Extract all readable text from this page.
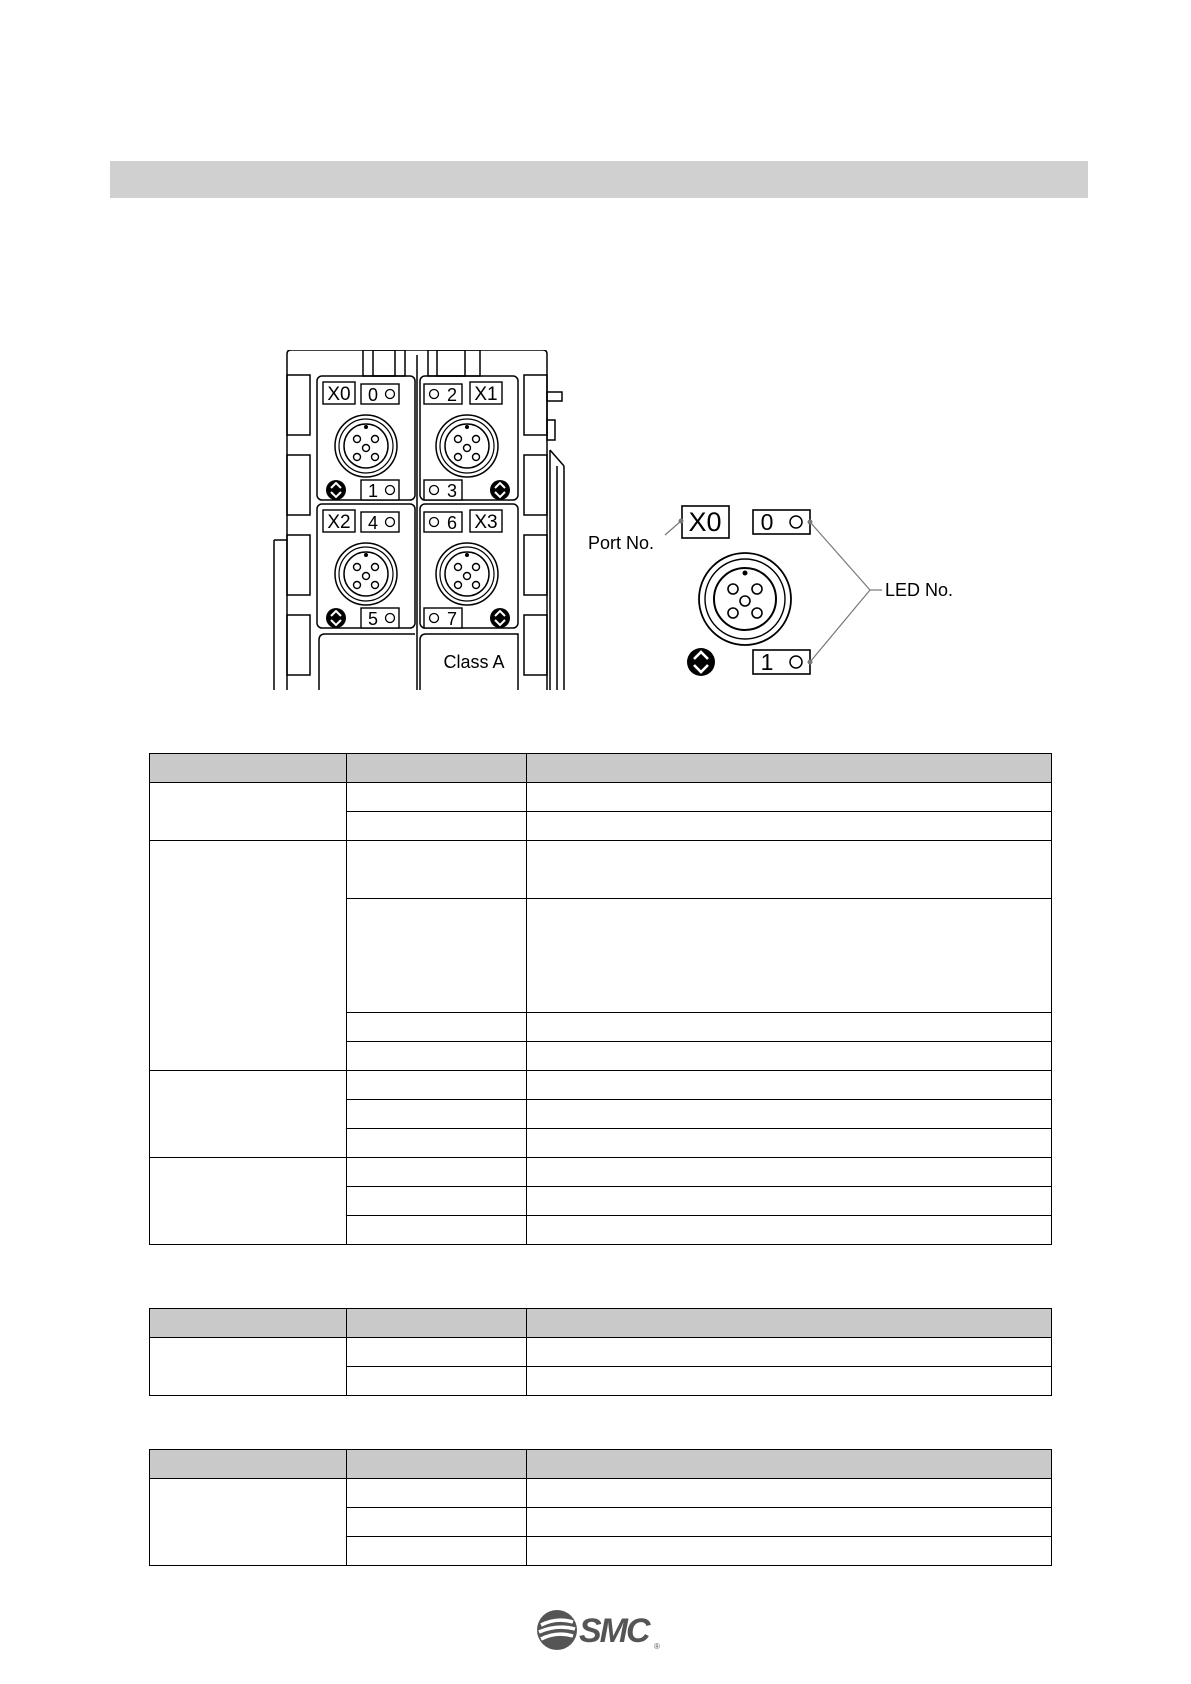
X0 0
1
2 X1
3
X2 4
5
6 X3
7
Class A
X0 0
1
Port No.
LED No.

SMC ®
